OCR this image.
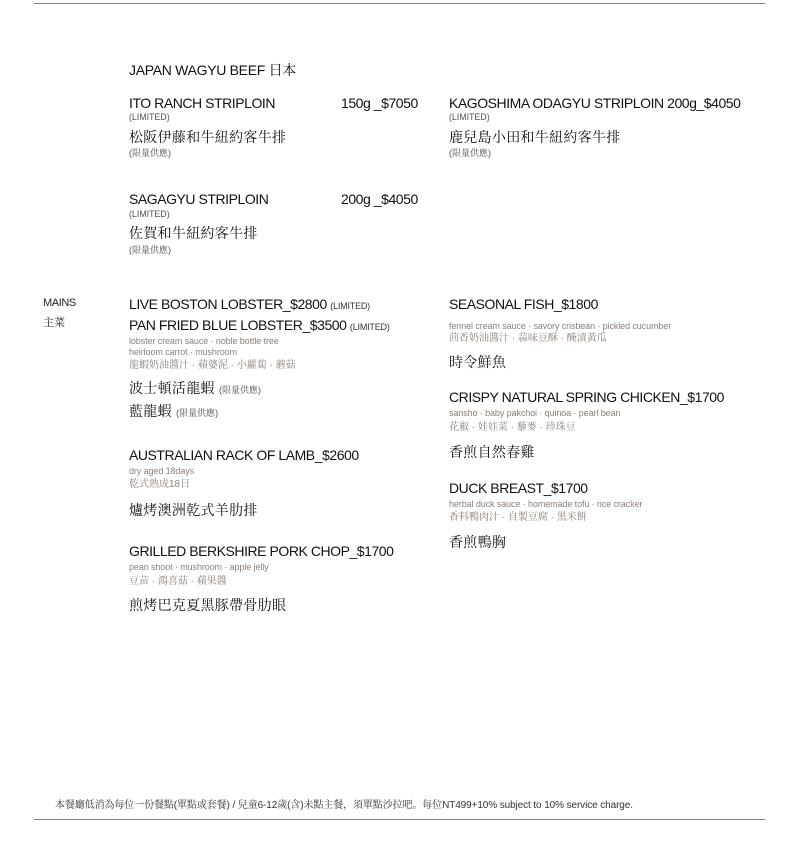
JAPAN WAGYU BEEF 日本
ITO RANCH STRIPLOIN	150g _$7050
(LIMITED)
松阪伊藤和牛紐約客牛排
(限量供應)
KAGOSHIMA ODAGYU STRIPLOIN 200g_$4050
(LIMITED)
鹿兒島小田和牛紐約客牛排
(限量供應)
SAGAGYU STRIPLOIN	200g _$4050
(LIMITED)
佐賀和牛紐約客牛排
(限量供應)
MAINS
主菜
LIVE BOSTON LOBSTER_$2800 (LIMITED)
PAN FRIED BLUE LOBSTER_$3500 (LIMITED)
lobster cream sauce · noble bottle tree
heirloom carrot · mushroom
龍蝦奶油醬汁 · 蘋婆泥 · 小蘿蔔 · 蘑菇
波士頓活龍蝦 (限量供應)
藍龍蝦 (限量供應)
AUSTRALIAN RACK OF LAMB_$2600
dry aged 18days
乾式熟成18日
爐烤澳洲乾式羊肋排
GRILLED BERKSHIRE PORK CHOP_$1700
pean shoot · mushroom · apple jelly
豆苗 · 鴻喜菇 · 蘋果醬
煎烤巴克夏黑豚帶骨肋眼
SEASONAL FISH_$1800
fennel cream sauce · savory crisbean · pickled cucumber
茴香奶油醬汁 · 蒜味豆酥 · 醃漬黃瓜
時令鮮魚
CRISPY NATURAL SPRING CHICKEN_$1700
sansho · baby pakchoi · quinoa · pearl bean
花椒 · 娃娃菜 · 藜麥 · 珍珠豆
香煎自然春雞
DUCK BREAST_$1700
herbal duck sauce · homemade tofu · rice cracker
香料鴨肉汁 · 自製豆腐 · 黑米餅
香煎鴨胸
本餐廳低消為每位一份餐點(單點或套餐) / 兒童6-12歲(含)未點主餐，須單點沙拉吧。每位NT499+10% subject to 10% service charge.
